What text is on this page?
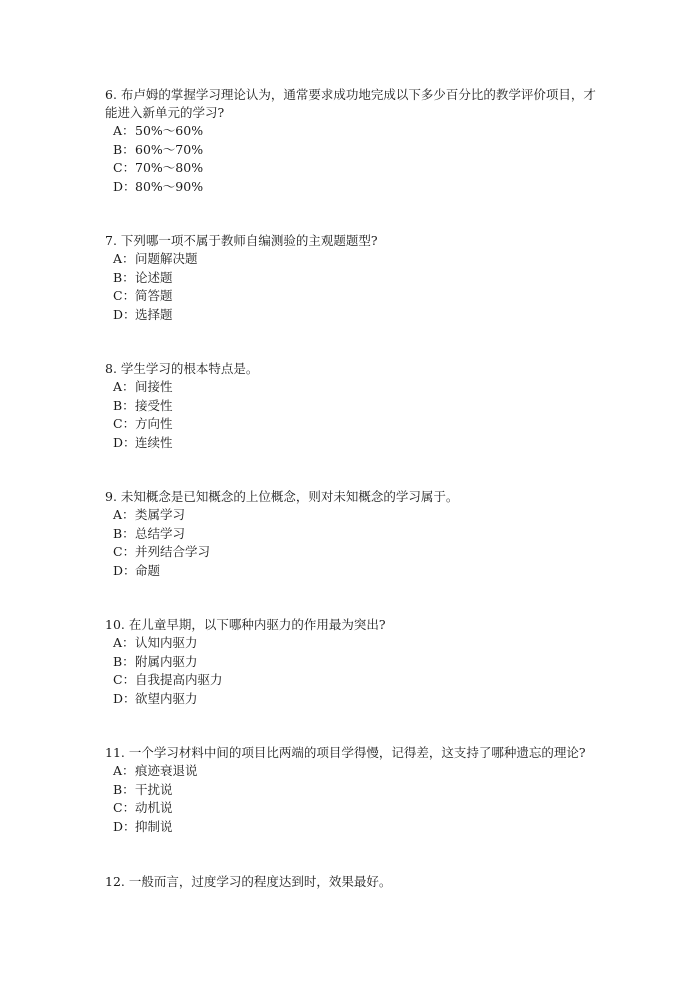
6. 布卢姆的掌握学习理论认为，通常要求成功地完成以下多少百分比的教学评价项目，才
能进入新单元的学习?
A：50%～60%
B：60%～70%
C：70%～80%
D：80%～90%
7. 下列哪一项不属于教师自编测验的主观题题型?
A：问题解决题
B：论述题
C：简答题
D：选择题
8. 学生学习的根本特点是。
A：间接性
B：接受性
C：方向性
D：连续性
9. 未知概念是已知概念的上位概念，则对未知概念的学习属于。
A：类属学习
B：总结学习
C：并列结合学习
D：命题
10. 在儿童早期，以下哪种内驱力的作用最为突出?
A：认知内驱力
B：附属内驱力
C：自我提高内驱力
D：欲望内驱力
11. 一个学习材料中间的项目比两端的项目学得慢，记得差，这支持了哪种遗忘的理论?
A：痕迹衰退说
B：干扰说
C：动机说
D：抑制说
12. 一般而言，过度学习的程度达到时，效果最好。
